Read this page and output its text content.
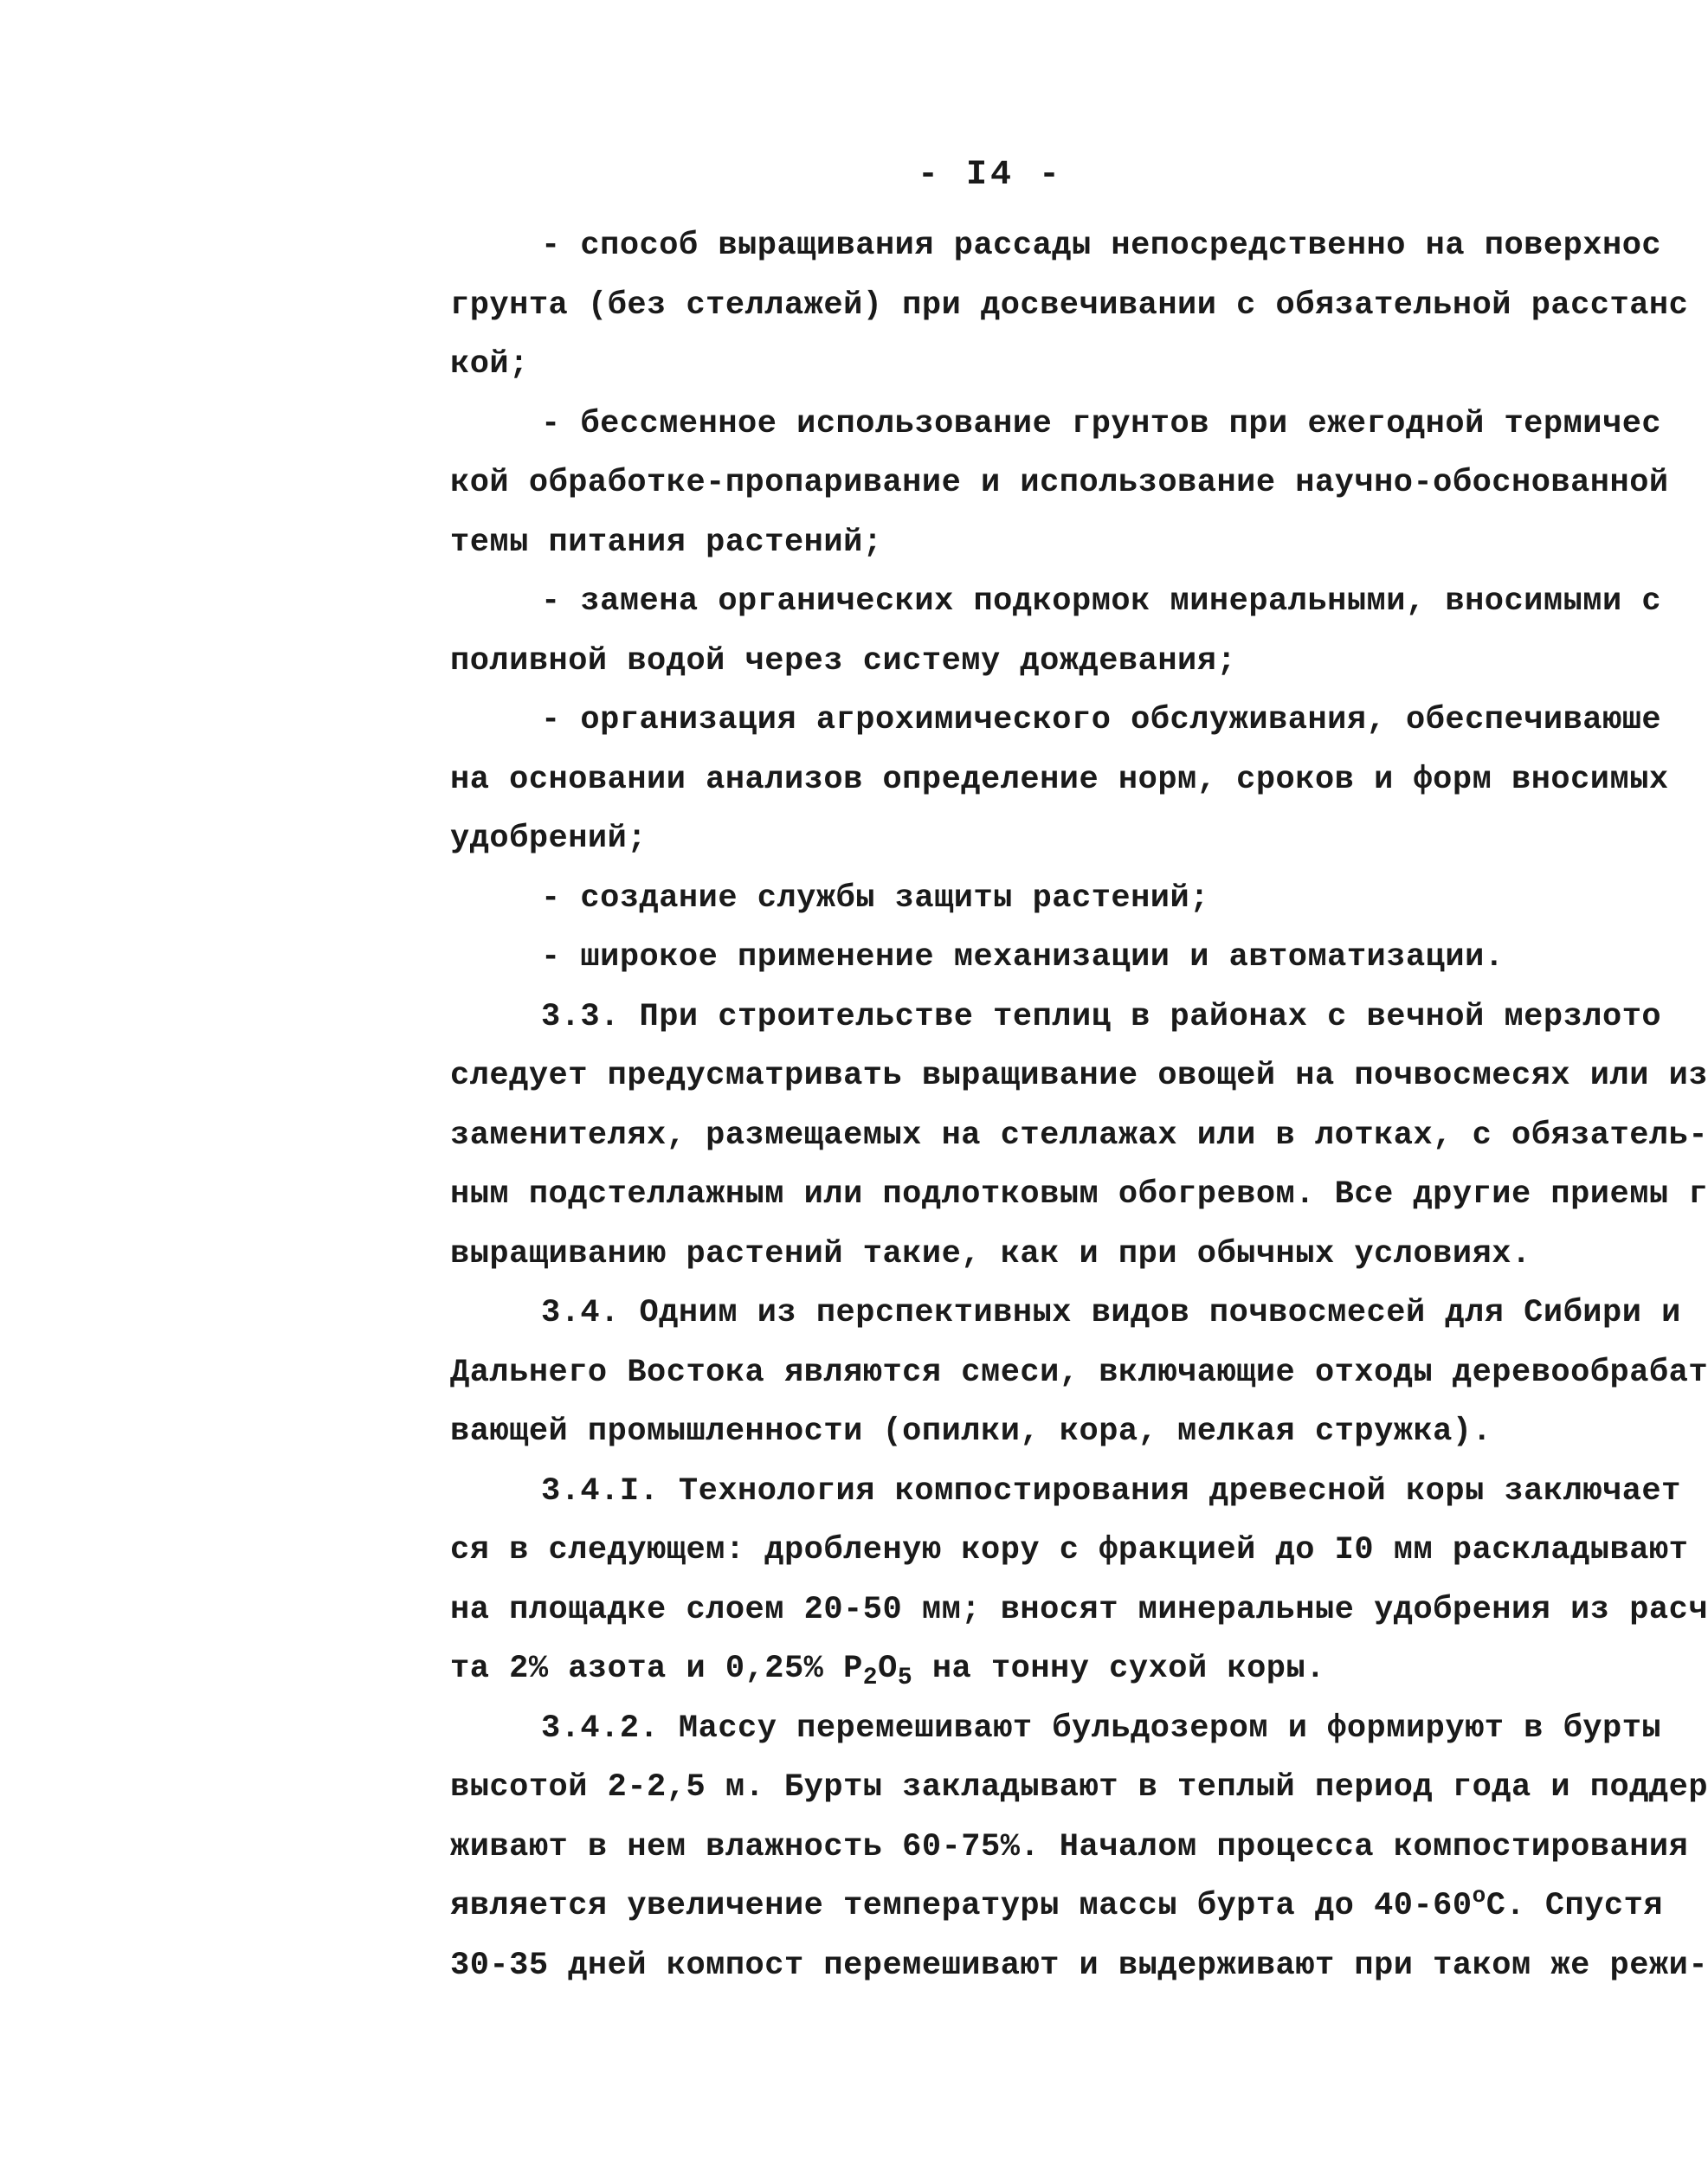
- I4 -
- способ выращивания рассады непосредственно на поверхнос
грунта (без стеллажей) при досвечивании с обязательной расстанс
кой;
- бессменное использование грунтов при ежегодной термичес
кой обработке-пропаривание и использование научно-обоснованной
темы питания растений;
- замена органических подкормок минеральными, вносимыми с
поливной водой через систему дождевания;
- организация агрохимического обслуживания, обеспечиваюше
на основании анализов определение норм, сроков и форм вносимых
удобрений;
- создание службы защиты растений;
- широкое применение механизации и автоматизации.
3.3. При строительстве теплиц в районах с вечной мерзлото
следует предусматривать выращивание овощей на почвосмесях или из
заменителях, размещаемых на стеллажах или в лотках, с обязатель-
ным подстеллажным или подлотковым обогревом. Все другие приемы г
выращиванию растений такие, как и при обычных условиях.
3.4. Одним из перспективных видов почвосмесей для Сибири и
Дальнего Востока являются смеси, включающие отходы деревообрабат
вающей промышленности (опилки, кора, мелкая стружка).
3.4.I. Технология компостирования древесной коры заключает
ся в следующем: дробленую кору с фракцией до I0 мм раскладывают
на площадке слоем 20-50 мм; вносят минеральные удобрения из расч
та 2% азота и 0,25% $P_2O_5$ на тонну сухой коры.
3.4.2. Массу перемешивают бульдозером и формируют в бурты
высотой 2-2,5 м. Бурты закладывают в теплый период года и поддер
живают в нем влажность 60-75%. Началом процесса компостирования
является увеличение температуры массы бурта до $40-60^оС$. Спустя
30-35 дней компост перемешивают и выдерживают при таком же режи-
